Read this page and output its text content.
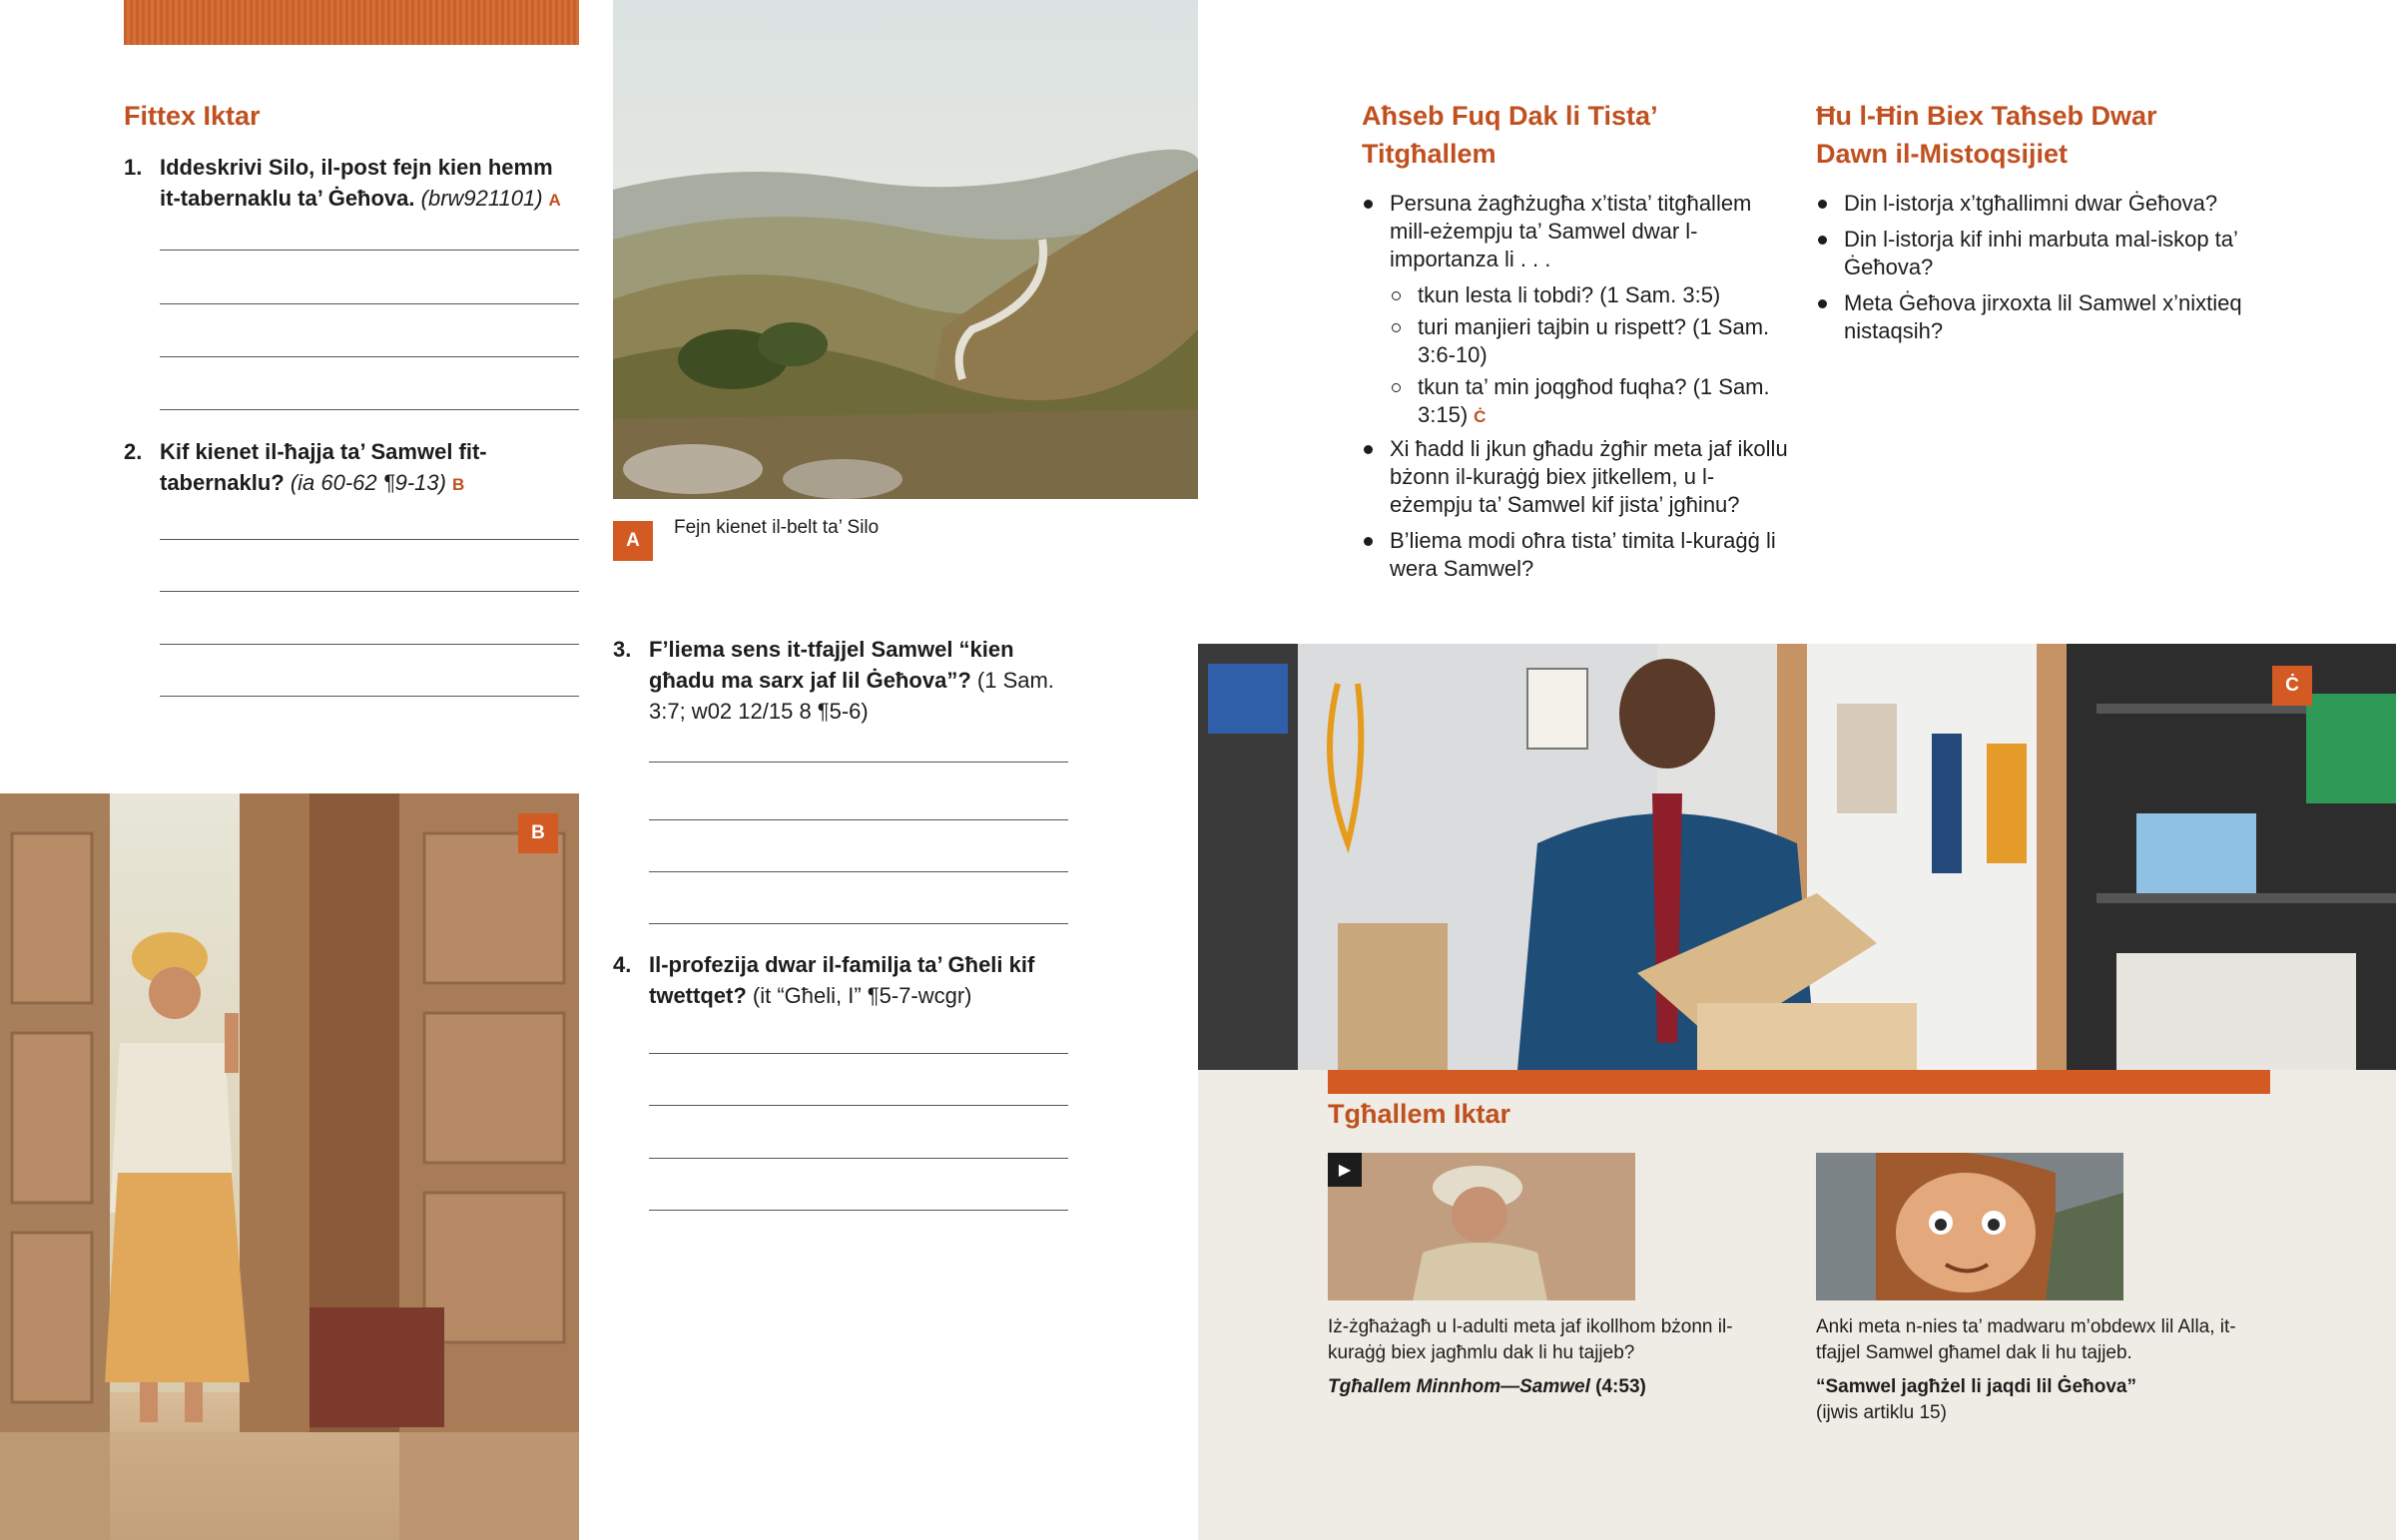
Fittex Iktar
1. Iddeskrivi Silo, il-post fejn kien hemm it-tabernaklu ta’ Ġeħova. (brw921101) A
2. Kif kienet il-ħajja ta’ Samwel fit-tabernaklu? (ia 60-62 ¶9-13) B
B
A
Fejn kienet il-belt ta’ Silo
3. F’liema sens it-tfajjel Samwel “kien għadu ma sarx jaf lil Ġeħova”? (1 Sam. 3:7; w02 12/15 8 ¶5-6)
4. Il-profezija dwar il-familja ta’ Għeli kif twettqet? (it “Għeli, I” ¶5-7-wcgr)
Aħseb Fuq Dak li Tista’ Titgħallem
Persuna żagħżugħa x’tista’ titgħallem mill-eżempju ta’ Samwel dwar l-importanza li . . .
tkun lesta li tobdi? (1 Sam. 3:5)
turi manjieri tajbin u rispett? (1 Sam. 3:6-10)
tkun ta’ min joqgħod fuqha? (1 Sam. 3:15) Ċ
Xi ħadd li jkun għadu żgħir meta jaf ikollu bżonn il-kuraġġ biex jitkellem, u l-eżempju ta’ Samwel kif jista’ jgħinu?
B’liema modi oħra tista’ timita l-kuraġġ li wera Samwel?
Ħu l-Ħin Biex Taħseb Dwar Dawn il-Mistoqsijiet
Din l-istorja x’tgħallimni dwar Ġeħova?
Din l-istorja kif inhi marbuta mal-iskop ta’ Ġeħova?
Meta Ġeħova jirxoxta lil Samwel x’nixtieq nistaqsih?
Ċ
Tgħallem Iktar
▶
Iż-żgħażagħ u l-adulti meta jaf ikollhom bżonn il-kuraġġ biex jagħmlu dak li hu tajjeb?
Tgħallem Minnhom—Samwel (4:53)
Anki meta n-nies ta’ madwaru m’obdewx lil Alla, it-tfajjel Samwel għamel dak li hu tajjeb.
“Samwel jagħżel li jaqdi lil Ġeħova”
(ijwis artiklu 15)
